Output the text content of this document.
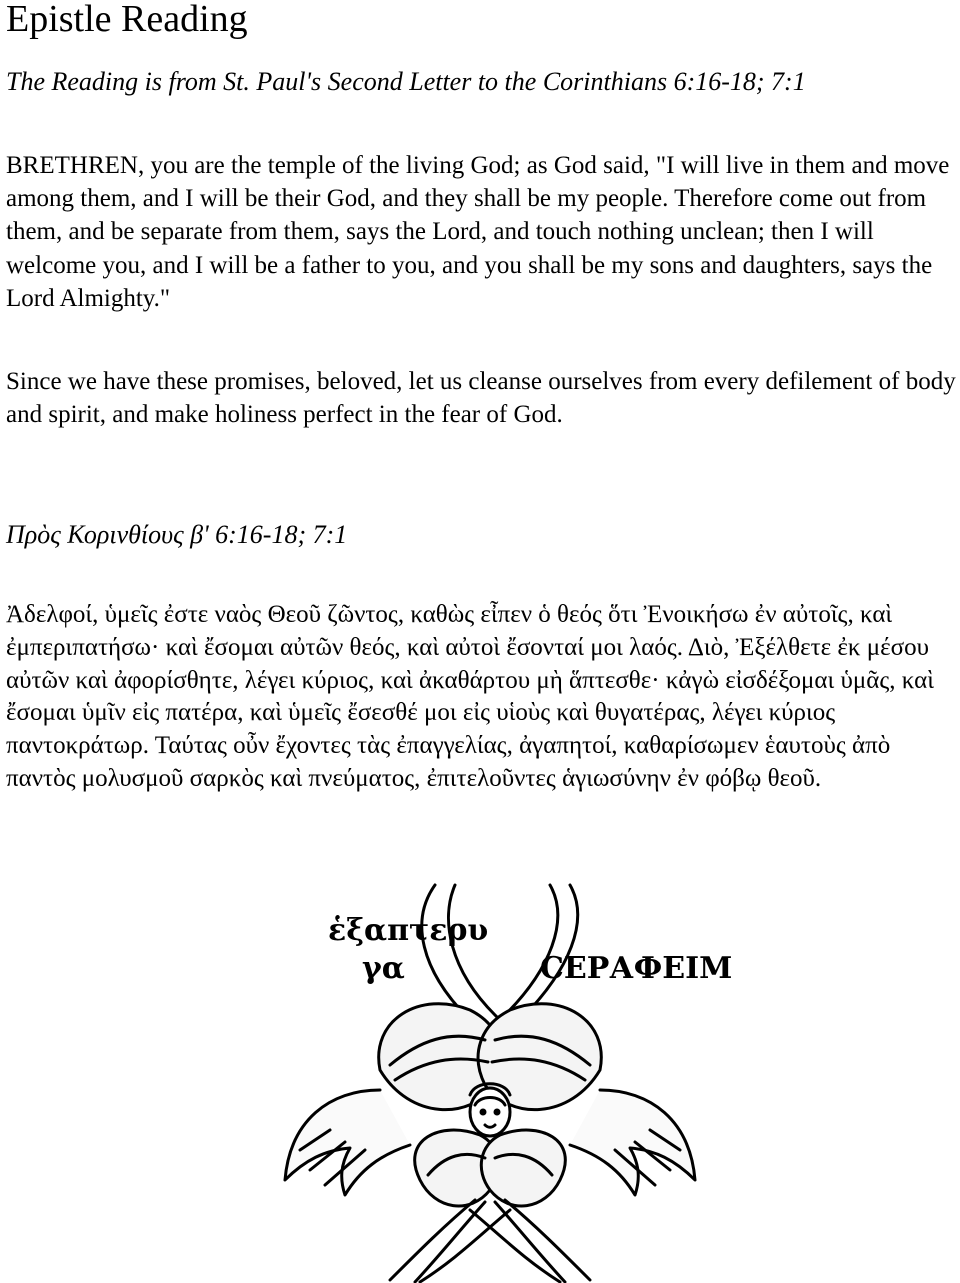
Epistle Reading
The Reading is from St. Paul's Second Letter to the Corinthians 6:16-18; 7:1

BRETHREN, you are the temple of the living God; as God said, "I will live in them and move among them, and I will be their God, and they shall be my people. Therefore come out from them, and be separate from them, says the Lord, and touch nothing unclean; then I will welcome you, and I will be a father to you, and you shall be my sons and daughters, says the Lord Almighty."

Since we have these promises, beloved, let us cleanse ourselves from every defilement of body and spirit, and make holiness perfect in the fear of God.

Πρὸς Κορινθίους β' 6:16-18; 7:1

Ἀδελφοί, ὑμεῖς ἐστε ναὸς Θεοῦ ζῶντος, καθὼς εἶπεν ὁ θεός ὅτι Ἐνοικήσω ἐν αὐτοῖς, καὶ ἐμπεριπατήσω· καὶ ἔσομαι αὐτῶν θεός, καὶ αὐτοὶ ἔσονταί μοι λαός. Διὸ, Ἐξέλθετε ἐκ μέσου αὐτῶν καὶ ἀφορίσθητε, λέγει κύριος, καὶ ἀκαθάρτου μὴ ἅπτεσθε· κἀγὼ εἰσδέξομαι ὑμᾶς, καὶ ἔσομαι ὑμῖν εἰς πατέρα, καὶ ὑμεῖς ἔσεσθέ μοι εἰς υἱοὺς καὶ θυγατέρας, λέγει κύριος παντοκράτωρ. Ταύτας οὖν ἔχοντες τὰς ἐπαγγελίας, ἀγαπητοί, καθαρίσωμεν ἑαυτοὺς ἀπὸ παντὸς μολυσμοῦ σαρκὸς καὶ πνεύματος, ἐπιτελοῦντες ἁγιωσύνην ἐν φόβῳ θεοῦ.

ἑξαπτερυ
γα	СЕРАФЕІМ
